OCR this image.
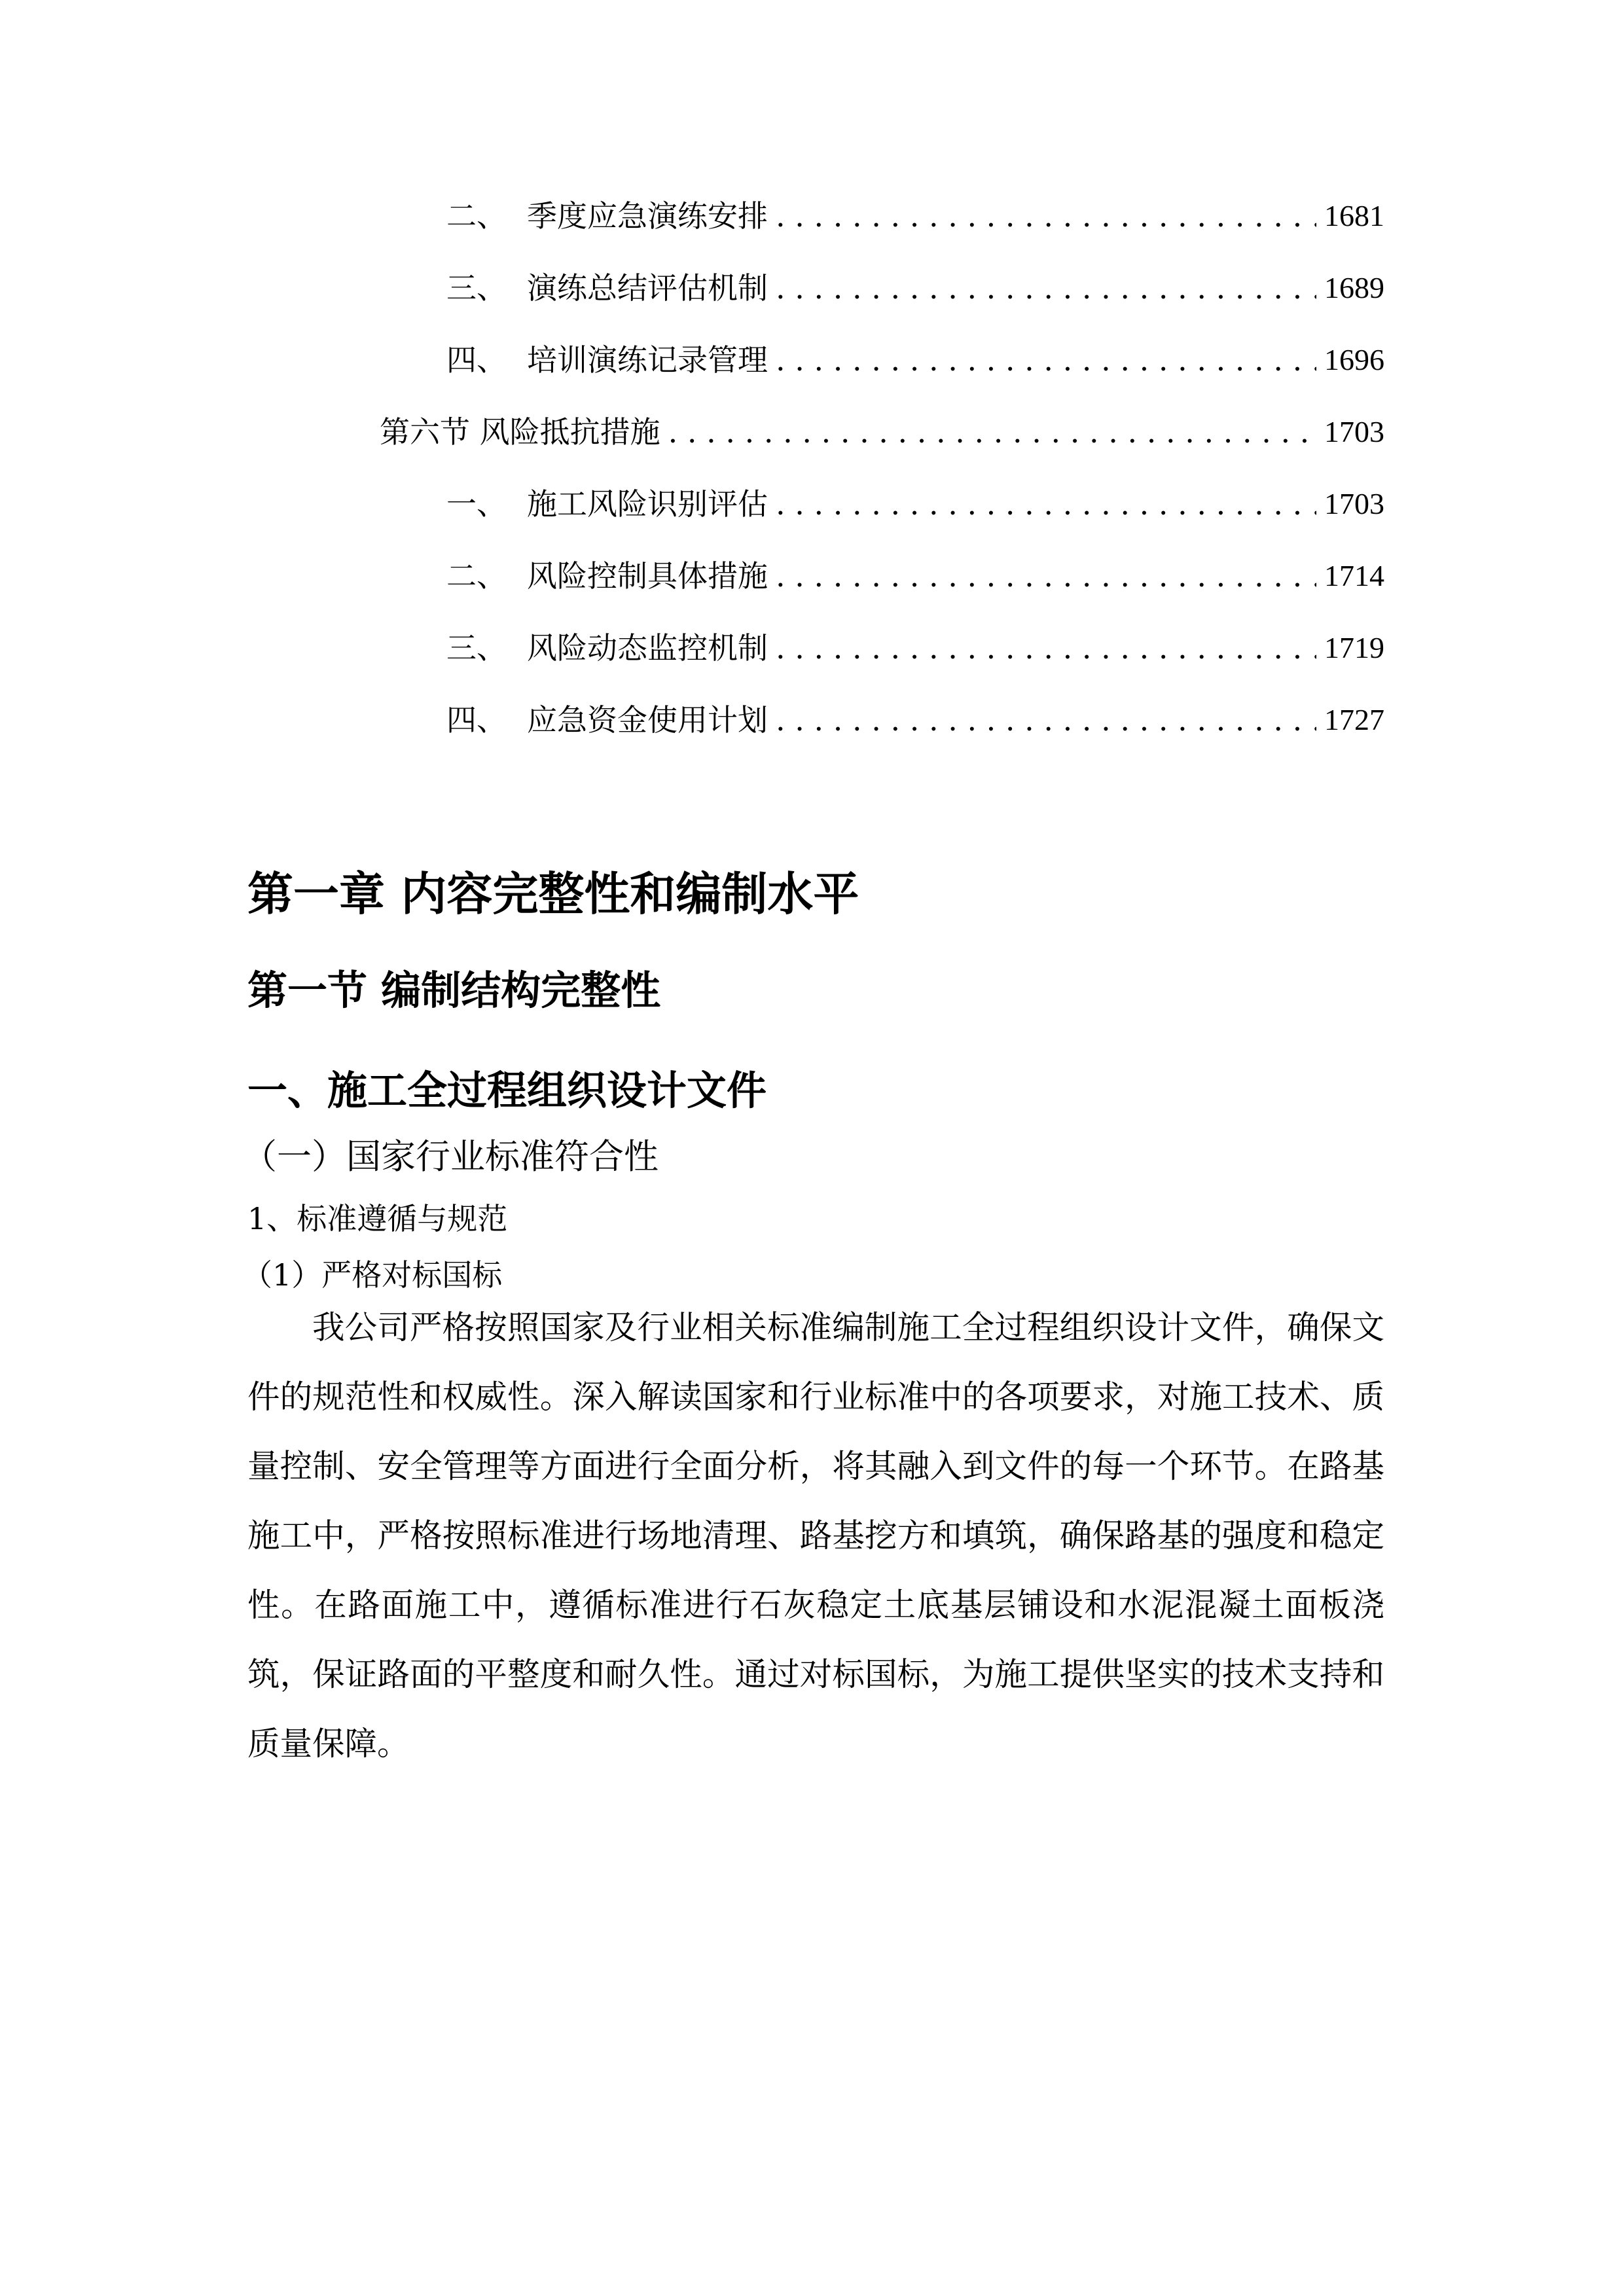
二、 季度应急演练安排 . . .	1681
三、 演练总结评估机制 . . .	1689
四、 培训演练记录管理 . . .	1696
第六节 风险抵抗措施 . . .	1703
一、 施工风险识别评估 . . .	1703
二、 风险控制具体措施 . . .	1714
三、 风险动态监控机制 . . .	1719
四、 应急资金使用计划 . . .	1727
第一章 内容完整性和编制水平
第一节 编制结构完整性
一、施工全过程组织设计文件
（一）国家行业标准符合性
1、标准遵循与规范
（1）严格对标国标
我公司严格按照国家及行业相关标准编制施工全过程组织设计文件，确保文件的规范性和权威性。深入解读国家和行业标准中的各项要求，对施工技术、质量控制、安全管理等方面进行全面分析，将其融入到文件的每一个环节。在路基施工中，严格按照标准进行场地清理、路基挖方和填筑，确保路基的强度和稳定性。在路面施工中，遵循标准进行石灰稳定土底基层铺设和水泥混凝土面板浇筑，保证路面的平整度和耐久性。通过对标国标，为施工提供坚实的技术支持和质量保障。
